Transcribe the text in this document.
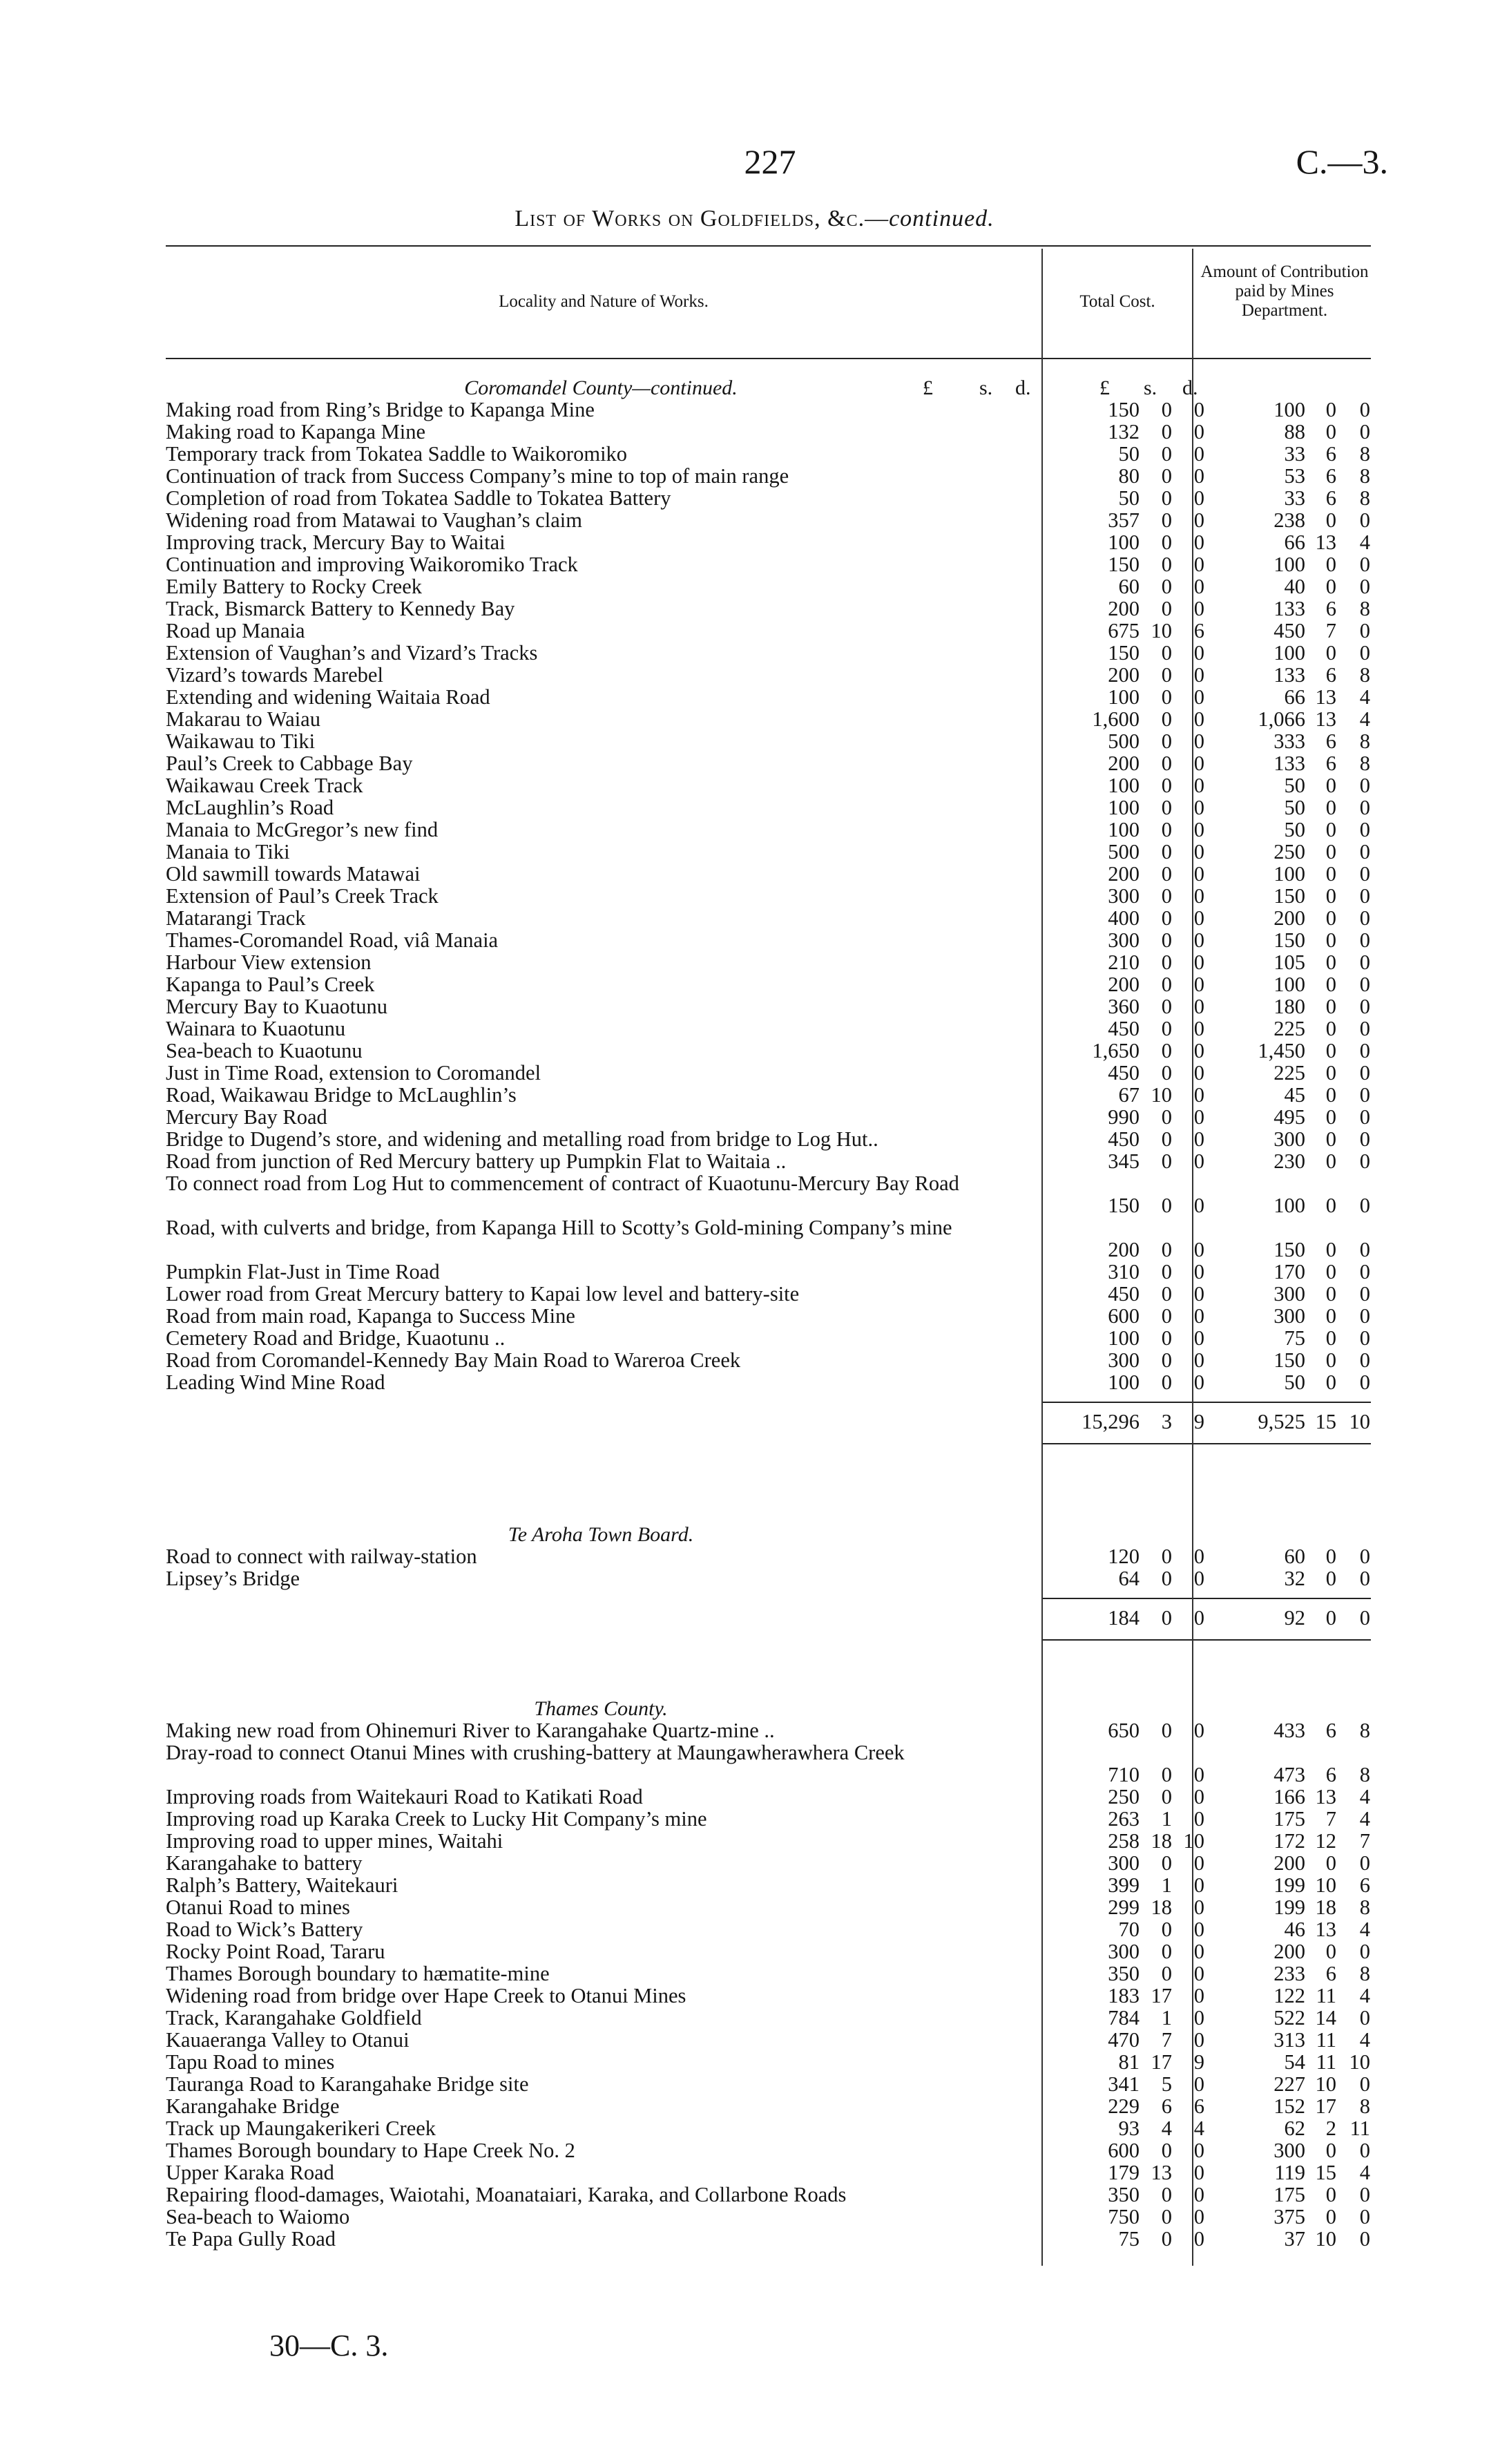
227	C.—3.
List of Works on Goldfields, &c.—continued.
Locality and Nature of Works.	Total Cost.
Amount of Contribution paid by Mines Department.
Coromandel County—continued.	£ s. d.	£ s. d.
Making road from Ring’s Bridge to Kapanga Mine	150	0	0	100 0	0
Making road to Kapanga Mine	132	0	0	88 0	0
Temporary track from Tokatea Saddle to Waikoromiko	50	0	0	33 6	8
Continuation of track from Success Company’s mine to top of main range	80	0	0	53 6	8
Completion of road from Tokatea Saddle to Tokatea Battery	50	0	0	33 6	8
Widening road from Matawai to Vaughan’s claim	357	0	0	238 0	0
Improving track, Mercury Bay to Waitai	100	0	0	66 13	4
Continuation and improving Waikoromiko Track	150	0	0	100 0	0
Emily Battery to Rocky Creek	60	0	0	40 0	0
Track, Bismarck Battery to Kennedy Bay	200	0	0	133 6	8
Road up Manaia	675 10	6	450 7	0
Extension of Vaughan’s and Vizard’s Tracks	150	0	0	100 0	0
Vizard’s towards Marebel	200	0	0	133 6	8
Extending and widening Waitaia Road	100	0	0	66 13	4
Makarau to Waiau	1,600	0	0	1,066 13	4
Waikawau to Tiki	500	0	0	333 6	8
Paul’s Creek to Cabbage Bay	200	0	0	133 6	8
Waikawau Creek Track	100	0	0	50 0	0
McLaughlin’s Road	100	0	0	50 0	0
Manaia to McGregor’s new find	100	0	0	50 0	0
Manaia to Tiki	500	0	0	250 0	0
Old sawmill towards Matawai	200	0	0	100 0	0
Extension of Paul’s Creek Track	300	0	0	150 0	0
Matarangi Track	400	0	0	200 0	0
Thames-Coromandel Road, viâ Manaia	300	0	0	150 0	0
Harbour View extension	210	0	0	105 0	0
Kapanga to Paul’s Creek	200	0	0	100 0	0
Mercury Bay to Kuaotunu	360	0	0	180 0	0
Wainara to Kuaotunu	450	0	0	225 0	0
Sea-beach to Kuaotunu	1,650	0	0	1,450 0	0
Just in Time Road, extension to Coromandel	450	0	0	225 0	0
Road, Waikawau Bridge to McLaughlin’s	67 10	0	45 0	0
Mercury Bay Road	990	0	0	495 0	0
Bridge to Dugend’s store, and widening and metalling road from bridge to Log Hut..	450	0	0	300 0	0
Road from junction of Red Mercury battery up Pumpkin Flat to Waitaia ..	345	0	0	230 0	0
To connect road from Log Hut to commencement of contract of Kuaotunu-Mercury Bay Road
150	0	0	100 0	0
Road, with culverts and bridge, from Kapanga Hill to Scotty’s Gold-mining Company’s mine
200	0	0	150 0	0
Pumpkin Flat-Just in Time Road	310	0	0	170 0	0
Lower road from Great Mercury battery to Kapai low level and battery-site	450	0	0	300 0	0
Road from main road, Kapanga to Success Mine	600	0	0	300 0	0
Cemetery Road and Bridge, Kuaotunu ..	100	0	0	75 0	0
Road from Coromandel-Kennedy Bay Main Road to Wareroa Creek	300	0	0	150 0	0
Leading Wind Mine Road	100	0	0	50 0	0
15,296	3	9	9,525 15 10
Te Aroha Town Board.
Road to connect with railway-station	120	0	0	60 0	0
Lipsey’s Bridge	64	0	0	32 0	0
184	0	0	92 0	0
Thames County.
Making new road from Ohinemuri River to Karangahake Quartz-mine ..	650	0	0	433 6	8
Dray-road to connect Otanui Mines with crushing-battery at Maungawherawhera Creek
710	0	0	473 6	8
Improving roads from Waitekauri Road to Katikati Road	250	0	0	166 13	4
Improving road up Karaka Creek to Lucky Hit Company’s mine	263	1	0	175 7	4
Improving road to upper mines, Waitahi	258 18 10	172 12	7
Karangahake to battery	300	0	0	200 0	0
Ralph’s Battery, Waitekauri	399	1	0	199 10	6
Otanui Road to mines	299 18	0	199 18	8
Road to Wick’s Battery	70	0	0	46 13	4
Rocky Point Road, Tararu	300	0	0	200 0	0
Thames Borough boundary to hæmatite-mine	350	0	0	233 6	8
Widening road from bridge over Hape Creek to Otanui Mines	183 17	0	122 11	4
Track, Karangahake Goldfield	784	1	0	522 14	0
Kauaeranga Valley to Otanui	470	7	0	313 11	4
Tapu Road to mines	81 17	9	54 11 10
Tauranga Road to Karangahake Bridge site	341	5	0	227 10	0
Karangahake Bridge	229	6	6	152 17	8
Track up Maungakerikeri Creek	93	4	4	62 2 11
Thames Borough boundary to Hape Creek No. 2	600	0	0	300 0	0
Upper Karaka Road	179 13	0	119 15	4
Repairing flood-damages, Waiotahi, Moanataiari, Karaka, and Collarbone Roads	350	0	0	175 0	0
Sea-beach to Waiomo	750	0	0	375 0	0
Te Papa Gully Road	75	0	0	37 10	0
30—C. 3.
